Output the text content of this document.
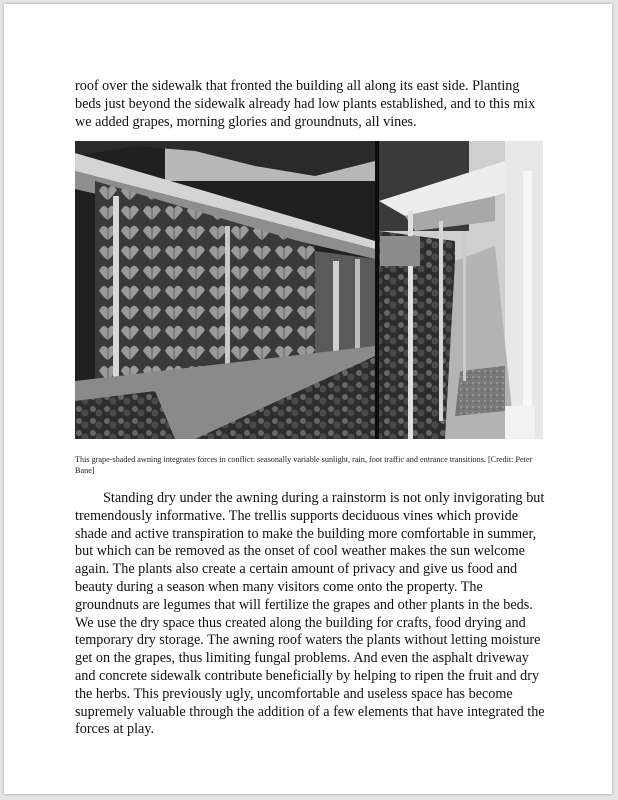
roof over the sidewalk that fronted the building all along its east side. Planting beds just beyond the sidewalk already had low plants established, and to this mix we added grapes, morning glories and groundnuts, all vines.

This grape-shaded awning integrates forces in conflict: seasonally variable sunlight, rain, foot traffic and entrance transitions. [Credit: Peter Bane]

Standing dry under the awning during a rainstorm is not only invigorating but tremendously informative. The trellis supports deciduous vines which provide shade and active transpiration to make the building more comfortable in summer, but which can be removed as the onset of cool weather makes the sun welcome again. The plants also create a certain amount of privacy and give us food and beauty during a season when many visitors come onto the property. The groundnuts are legumes that will fertilize the grapes and other plants in the beds. We use the dry space thus created along the building for crafts, food drying and temporary dry storage. The awning roof waters the plants without letting moisture get on the grapes, thus limiting fungal problems. And even the asphalt driveway and concrete sidewalk contribute beneficially by helping to ripen the fruit and dry the herbs. This previously ugly, uncomfortable and useless space has become supremely valuable through the addition of a few elements that have integrated the forces at play.
